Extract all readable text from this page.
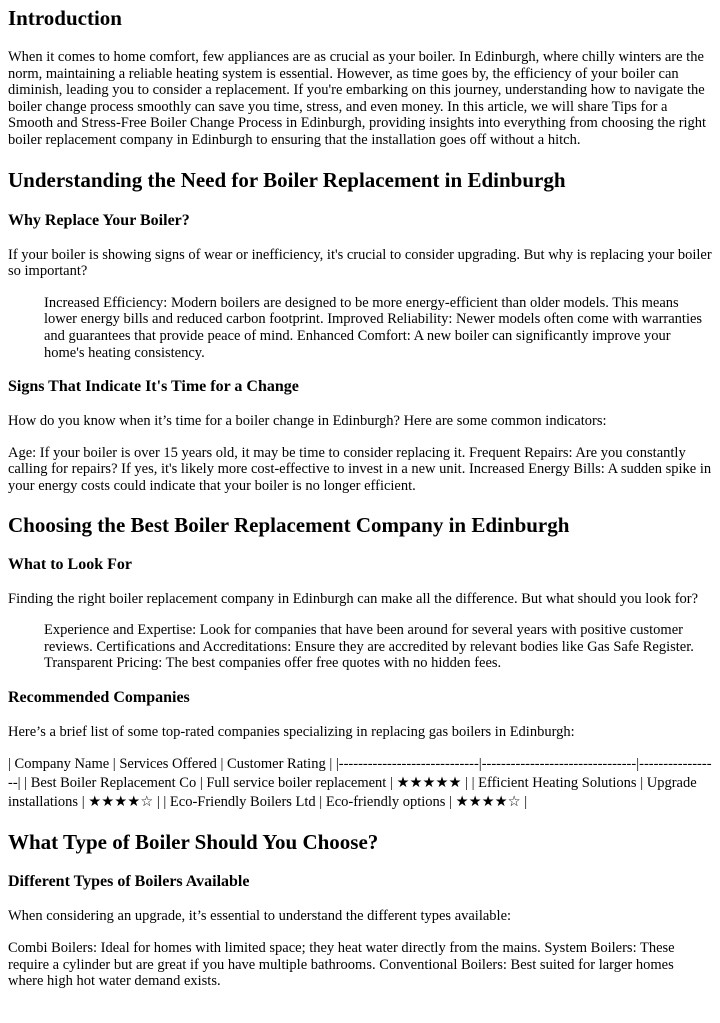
Introduction

When it comes to home comfort, few appliances are as crucial as your boiler. In Edinburgh, where chilly winters are the norm, maintaining a reliable heating system is essential. However, as time goes by, the efficiency of your boiler can diminish, leading you to consider a replacement. If you're embarking on this journey, understanding how to navigate the boiler change process smoothly can save you time, stress, and even money. In this article, we will share Tips for a Smooth and Stress-Free Boiler Change Process in Edinburgh, providing insights into everything from choosing the right boiler replacement company in Edinburgh to ensuring that the installation goes off without a hitch.

Understanding the Need for Boiler Replacement in Edinburgh
Why Replace Your Boiler?

If your boiler is showing signs of wear or inefficiency, it's crucial to consider upgrading. But why is replacing your boiler so important?

Increased Efficiency: Modern boilers are designed to be more energy-efficient than older models. This means lower energy bills and reduced carbon footprint. Improved Reliability: Newer models often come with warranties and guarantees that provide peace of mind. Enhanced Comfort: A new boiler can significantly improve your home's heating consistency.
Signs That Indicate It's Time for a Change

How do you know when it’s time for a boiler change in Edinburgh? Here are some common indicators:

Age: If your boiler is over 15 years old, it may be time to consider replacing it. Frequent Repairs: Are you constantly calling for repairs? If yes, it's likely more cost-effective to invest in a new unit. Increased Energy Bills: A sudden spike in your energy costs could indicate that your boiler is no longer efficient.

Choosing the Best Boiler Replacement Company in Edinburgh
What to Look For

Finding the right boiler replacement company in Edinburgh can make all the difference. But what should you look for?

Experience and Expertise: Look for companies that have been around for several years with positive customer reviews. Certifications and Accreditations: Ensure they are accredited by relevant bodies like Gas Safe Register. Transparent Pricing: The best companies offer free quotes with no hidden fees.
Recommended Companies

Here’s a brief list of some top-rated companies specializing in replacing gas boilers in Edinburgh:

| Company Name | Services Offered | Customer Rating | |-----------------------------|--------------------------------|-----------------| | Best Boiler Replacement Co | Full service boiler replacement | ★★★★★ | | Efficient Heating Solutions | Upgrade installations | ★★★★☆ | | Eco-Friendly Boilers Ltd | Eco-friendly options | ★★★★☆ |

What Type of Boiler Should You Choose?
Different Types of Boilers Available

When considering an upgrade, it’s essential to understand the different types available:

Combi Boilers: Ideal for homes with limited space; they heat water directly from the mains. System Boilers: These require a cylinder but are great if you have multiple bathrooms. Conventional Boilers: Best suited for larger homes where high hot water demand exists.
